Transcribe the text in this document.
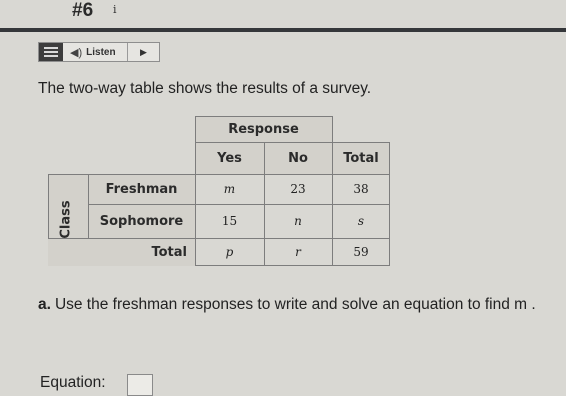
#6 i
◀) Listen	▶
The two-way table shows the results of a survey.
Response
Yes	No	Total
Class
Freshman	m	23	38
Sophomore	15	n	s
Total	p	r	59
a. Use the freshman responses to write and solve an equation to find m .
Equation:
